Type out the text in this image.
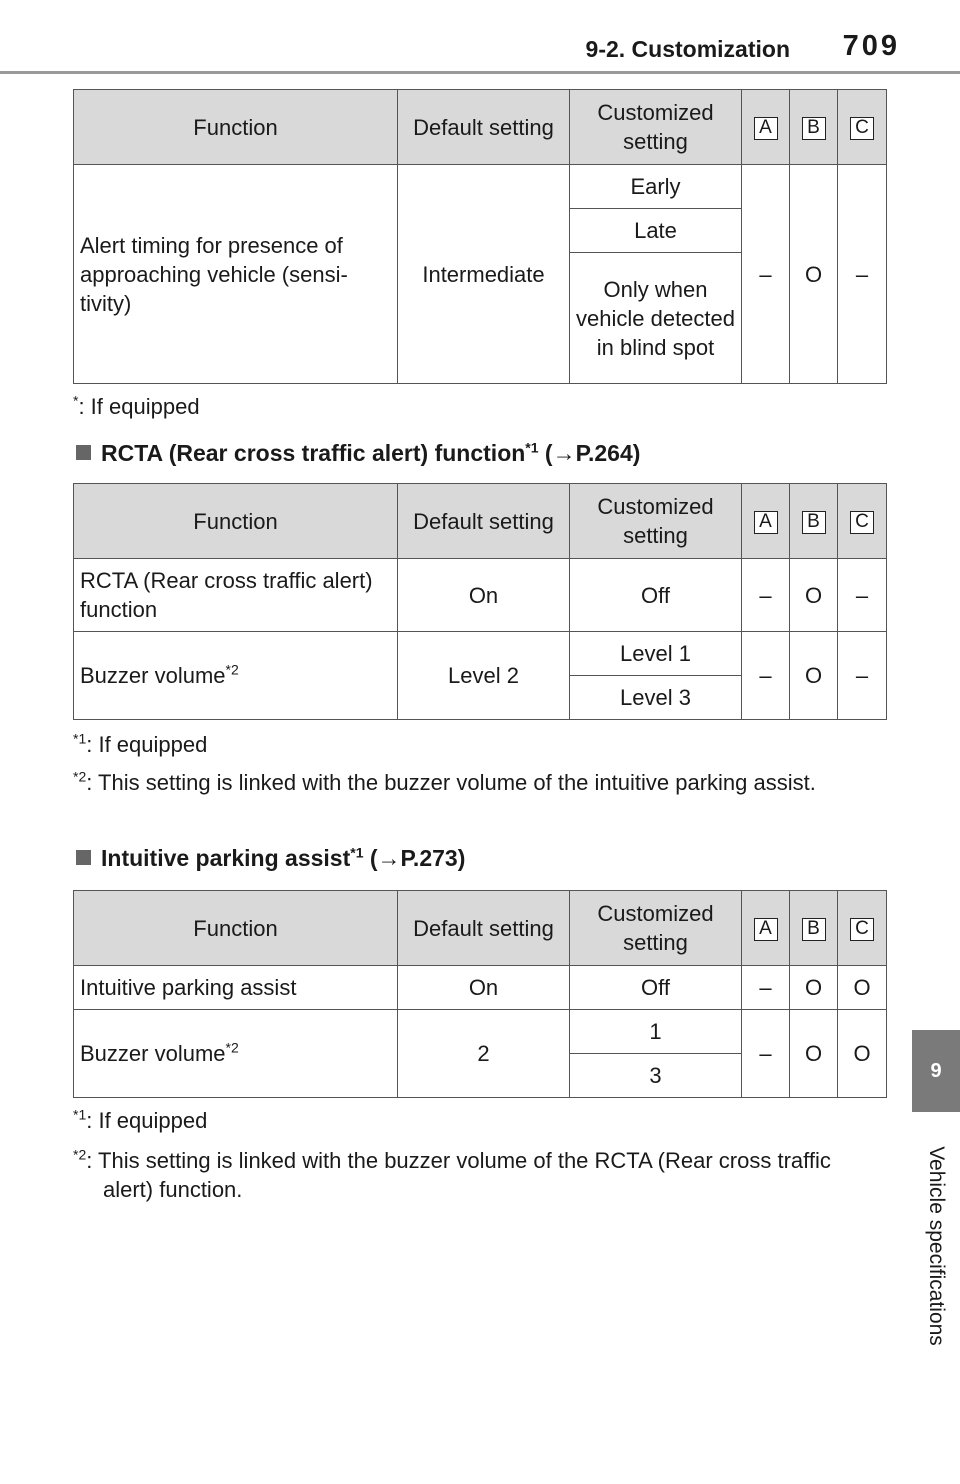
9-2. Customization	709
9
Vehicle specifications
Function	Default setting	Customized setting	A	B	C
Alert timing for presence of approaching vehicle (sensi-tivity)	Intermediate	Early	–	O	–
		Late			
		Only when vehicle detected in blind spot			
*: If equipped
RCTA (Rear cross traffic alert) function$^{*1}$ (→P.264)
Function	Default setting	Customized setting	A	B	C
RCTA (Rear cross traffic alert) function	On	Off	–	O	–
Buzzer volume$^{*2}$	Level 2	Level 1	–	O	–
		Level 3			
$^{*1}$: If equipped
$^{*2}$: This setting is linked with the buzzer volume of the intuitive parking assist.
Intuitive parking assist$^{*1}$ (→P.273)
Function	Default setting	Customized setting	A	B	C
Intuitive parking assist	On	Off	–	O	O
Buzzer volume$^{*2}$	2	1	–	O	O
		3			
$^{*1}$: If equipped
$^{*2}$: This setting is linked with the buzzer volume of the RCTA (Rear cross traffic alert) function.
